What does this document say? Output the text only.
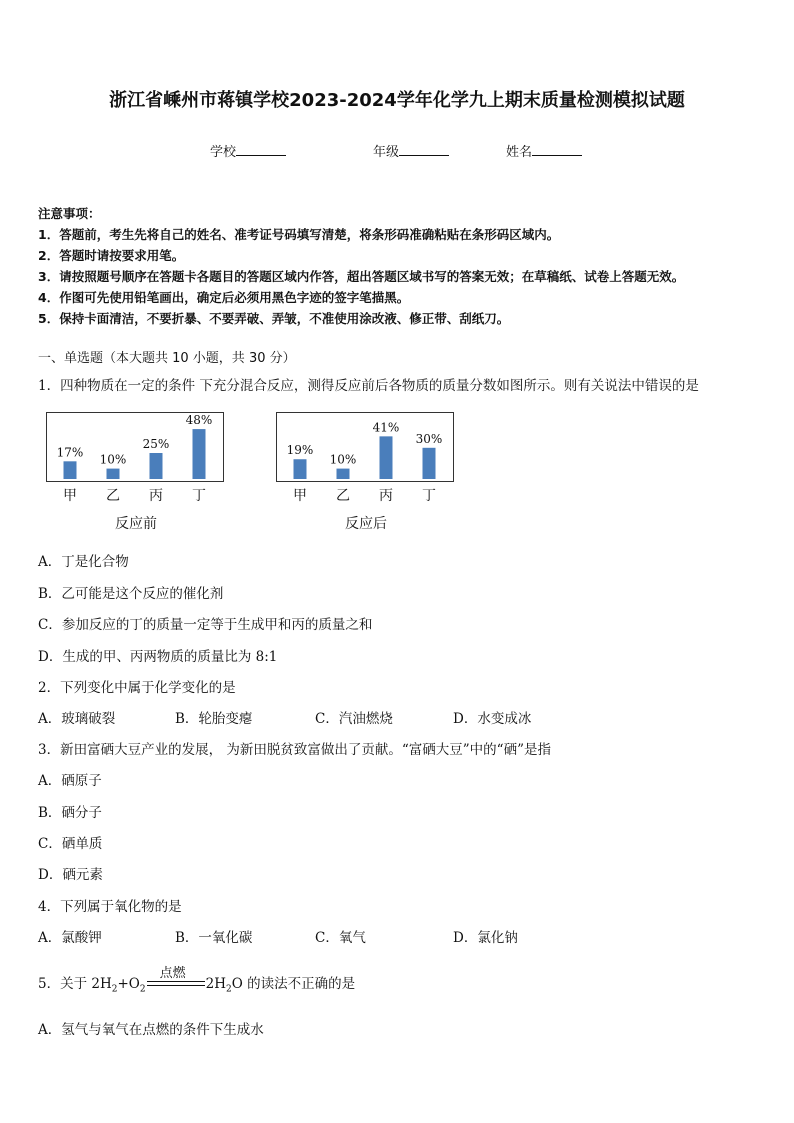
浙江省嵊州市蒋镇学校2023-2024学年化学九上期末质量检测模拟试题
学校	年级	姓名
注意事项：
1．答题前，考生先将自己的姓名、准考证号码填写清楚，将条形码准确粘贴在条形码区域内。
2．答题时请按要求用笔。
3．请按照题号顺序在答题卡各题目的答题区域内作答，超出答题区域书写的答案无效；在草稿纸、试卷上答题无效。
4．作图可先使用铅笔画出，确定后必须用黑色字迹的签字笔描黑。
5．保持卡面清洁，不要折暴、不要弄破、弄皱，不准使用涂改液、修正带、刮纸刀。
一、单选题（本大题共 10 小题，共 30 分）
1．四种物质在一定的条件 下充分混合反应，测得反应前后各物质的质量分数如图所示。则有关说法中错误的是
17%
10%
25%
48%
甲	乙	丙	丁
反应前
19%
10%
41%
30%
甲	乙	丙	丁
反应后
A．丁是化合物
B．乙可能是这个反应的催化剂
C．参加反应的丁的质量一定等于生成甲和丙的质量之和
D．生成的甲、丙两物质的质量比为 8:1
2．下列变化中属于化学变化的是
A．玻璃破裂	B．轮胎变瘪	C．汽油燃烧	D．水变成冰
3．新田富硒大豆产业的发展， 为新田脱贫致富做出了贡献。“富硒大豆”中的“硒”是指
A．硒原子
B．硒分子
C．硒单质
D．硒元素
4．下列属于氧化物的是
A．氯酸钾	B．一氧化碳	C．氧气	D．氯化钠
5．关于 $2H_2+O_2$
点燃
$2H_2O$ 的读法不正确的是
A．氢气与氧气在点燃的条件下生成水
